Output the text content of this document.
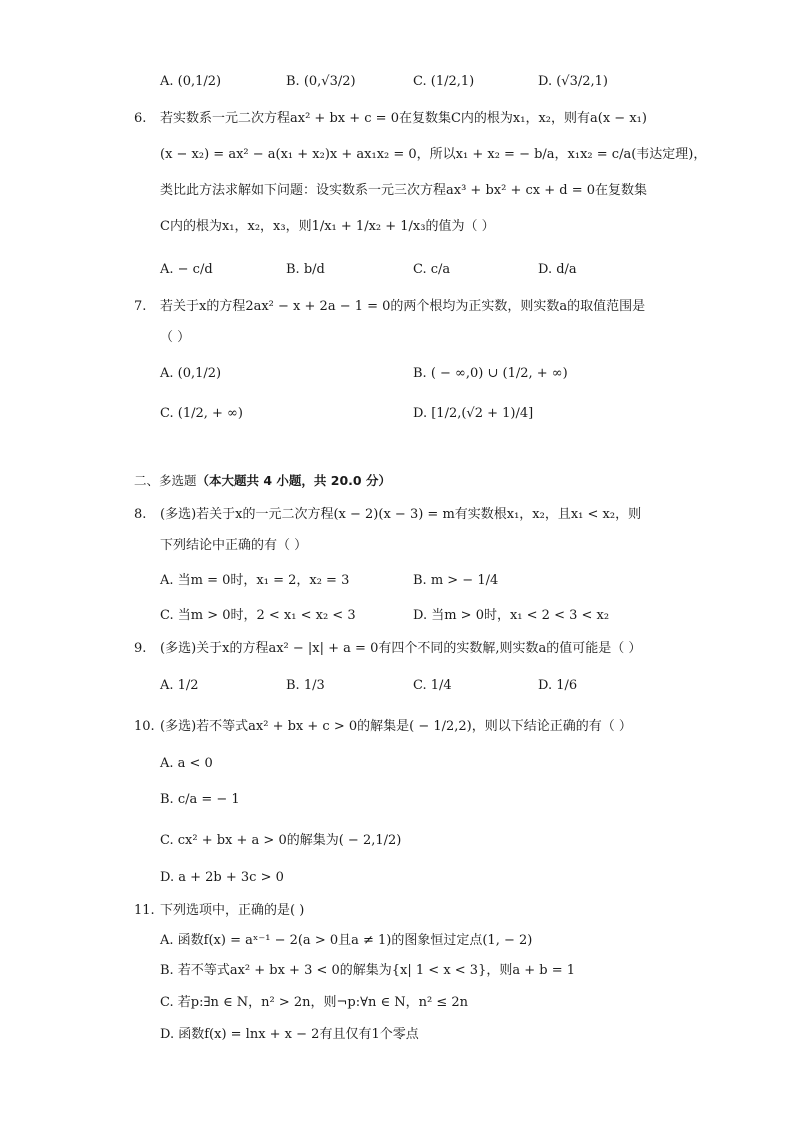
A. (0,1/2)	B. (0,√3/2)	C. (1/2,1)	D. (√3/2,1)
6. 若实数系一元二次方程ax² + bx + c = 0在复数集C内的根为x₁，x₂，则有a(x − x₁)
(x − x₂) = ax² − a(x₁ + x₂)x + ax₁x₂ = 0，所以x₁ + x₂ = − b/a，x₁x₂ = c/a(韦达定理)，
类比此方法求解如下问题：设实数系一元三次方程ax³ + bx² + cx + d = 0在复数集
C内的根为x₁，x₂，x₃，则1/x₁ + 1/x₂ + 1/x₃的值为（ ）
A. − c/d	B. b/d	C. c/a	D. d/a
7. 若关于x的方程2ax² − x + 2a − 1 = 0的两个根均为正实数，则实数a的取值范围是
（ ）
A. (0,1/2)	B. ( − ∞,0) ∪ (1/2, + ∞)
C. (1/2, + ∞)	D. [1/2,(√2 + 1)/4]
二、多选题（本大题共 4 小题，共 20.0 分）
8. (多选)若关于x的一元二次方程(x − 2)(x − 3) = m有实数根x₁，x₂，且x₁ < x₂，则
下列结论中正确的有（ ）
A. 当m = 0时，x₁ = 2，x₂ = 3	B. m > − 1/4
C. 当m > 0时，2 < x₁ < x₂ < 3	D. 当m > 0时，x₁ < 2 < 3 < x₂
9. (多选)关于x的方程ax² − |x| + a = 0有四个不同的实数解,则实数a的值可能是（ ）
A. 1/2	B. 1/3	C. 1/4	D. 1/6
10. (多选)若不等式ax² + bx + c > 0的解集是( − 1/2,2)，则以下结论正确的有（ ）
A. a < 0
B. c/a = − 1
C. cx² + bx + a > 0的解集为( − 2,1/2)
D. a + 2b + 3c > 0
11. 下列选项中，正确的是( )
A. 函数f(x) = aˣ⁻¹ − 2(a > 0且a ≠ 1)的图象恒过定点(1, − 2)
B. 若不等式ax² + bx + 3 < 0的解集为{x| 1 < x < 3}，则a + b = 1
C. 若p:∃n ∈ N，n² > 2n，则¬p:∀n ∈ N，n² ≤ 2n
D. 函数f(x) = lnx + x − 2有且仅有1个零点
